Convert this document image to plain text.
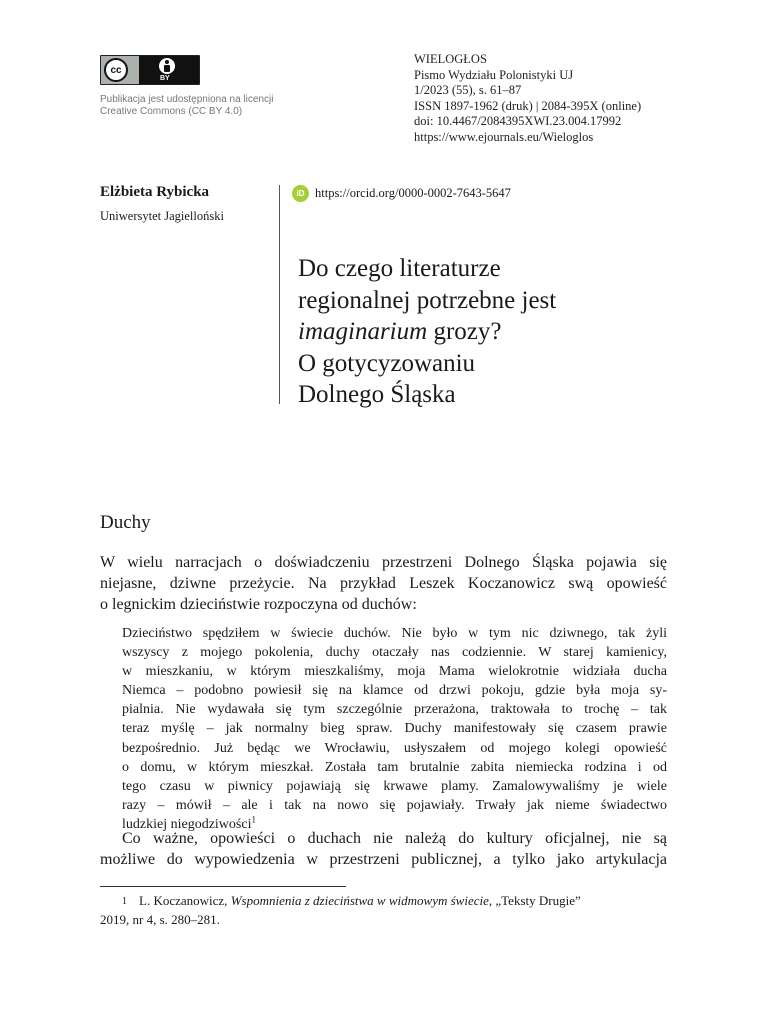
cc
BY
Publikacja jest udostępniona na licencji
Creative Commons (CC BY 4.0)
WIELOGŁOS
Pismo Wydziału Polonistyki UJ
1/2023 (55), s. 61–87
ISSN 1897-1962 (druk) | 2084-395X (online)
doi: 10.4467/2084395XWI.23.004.17992
https://www.ejournals.eu/Wieloglos
Elżbieta Rybicka
Uniwersytet Jagielloński
iD https://orcid.org/0000-0002-7643-5647
Do czego literaturze
regionalnej potrzebne jest
imaginarium grozy?
O gotycyzowaniu
Dolnego Śląska
Duchy
W wielu narracjach o doświadczeniu przestrzeni Dolnego Śląska pojawia się
niejasne, dziwne przeżycie. Na przykład Leszek Koczanowicz swą opowieść
o legnickim dzieciństwie rozpoczyna od duchów:
Dzieciństwo spędziłem w świecie duchów. Nie było w tym nic dziwnego, tak żyli
wszyscy z mojego pokolenia, duchy otaczały nas codziennie. W starej kamienicy,
w mieszkaniu, w którym mieszkaliśmy, moja Mama wielokrotnie widziała ducha
Niemca – podobno powiesił się na klamce od drzwi pokoju, gdzie była moja sy-
pialnia. Nie wydawała się tym szczególnie przerażona, traktowała to trochę – tak
teraz myślę – jak normalny bieg spraw. Duchy manifestowały się czasem prawie
bezpośrednio. Już będąc we Wrocławiu, usłyszałem od mojego kolegi opowieść
o domu, w którym mieszkał. Została tam brutalnie zabita niemiecka rodzina i od
tego czasu w piwnicy pojawiają się krwawe plamy. Zamalowywaliśmy je wiele
razy – mówił – ale i tak na nowo się pojawiały. Trwały jak nieme świadectwo
ludzkiej niegodziwości$^1$
Co ważne, opowieści o duchach nie należą do kultury oficjalnej, nie są
możliwe do wypowiedzenia w przestrzeni publicznej, a tylko jako artykulacja
$^1$ L. Koczanowicz, Wspomnienia z dzieciństwa w widmowym świecie, „Teksty Drugie”
2019, nr 4, s. 280–281.
